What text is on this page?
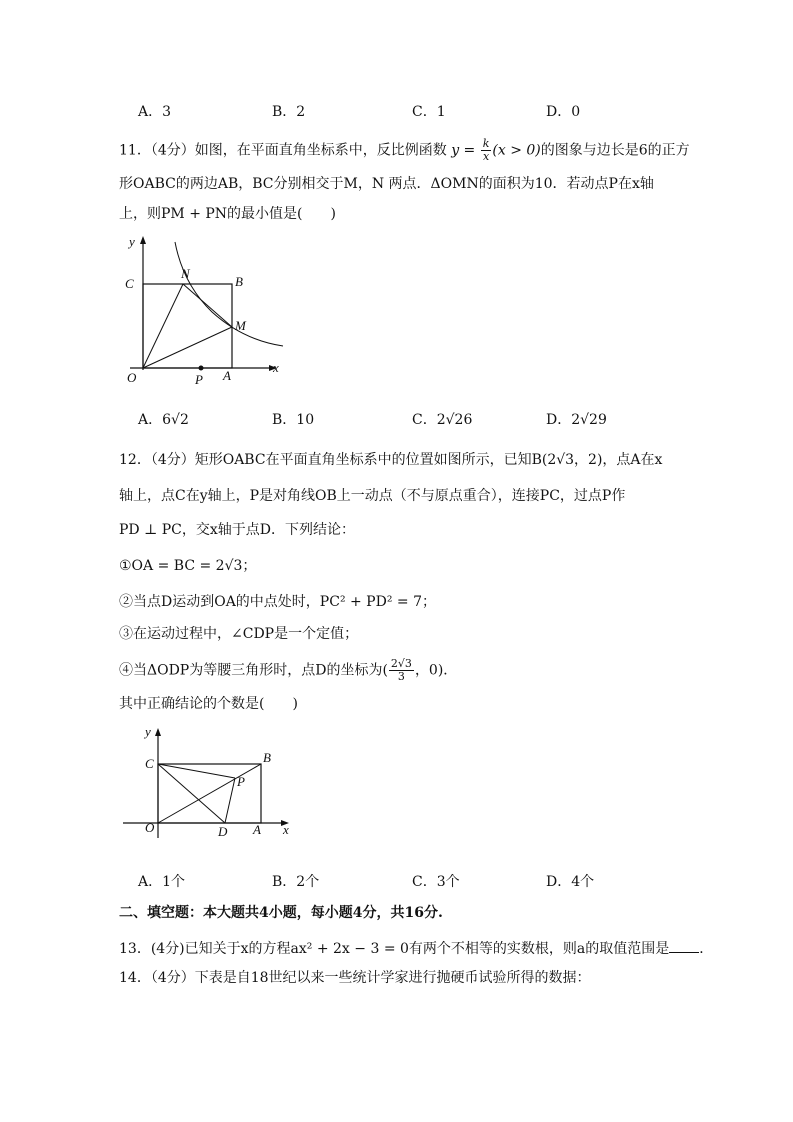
A．3	B．2	C．1	D．0
11．（4分）如图，在平面直角坐标系中，反比例函数 $y = \frac{k}{x} (x > 0)$的图象与边长是6的正方
形OABC的两边AB，BC分别相交于M，N 两点．ΔOMN的面积为10．若动点P在x轴
上，则PM + PN的最小值是(　　)
y
x
C
N
B
M
O	P A
A．6√2	B．10	C．2√26	D．2√29
12．（4分）矩形OABC在平面直角坐标系中的位置如图所示，已知B(2√3，2)，点A在x
轴上，点C在y轴上，P是对角线OB上一动点（不与原点重合），连接PC，过点P作
PD ⊥ PC，交x轴于点D．下列结论：
①OA = BC = 2√3；
②当点D运动到OA的中点处时，PC² + PD² = 7；
③在运动过程中，∠CDP是一个定值；
④当ΔODP为等腰三角形时，点D的坐标为( $\frac{2√3}{3}$ ，0)．
其中正确结论的个数是(　　)
y
x
C	B
P
O	D A
A．1个	B．2个	C．3个	D．4个
二、填空题：本大题共4小题，每小题4分，共16分.
13．(4分)已知关于x的方程ax² + 2x − 3 = 0有两个不相等的实数根，则a的取值范围是 ．
14．（4分）下表是自18世纪以来一些统计学家进行抛硬币试验所得的数据：
